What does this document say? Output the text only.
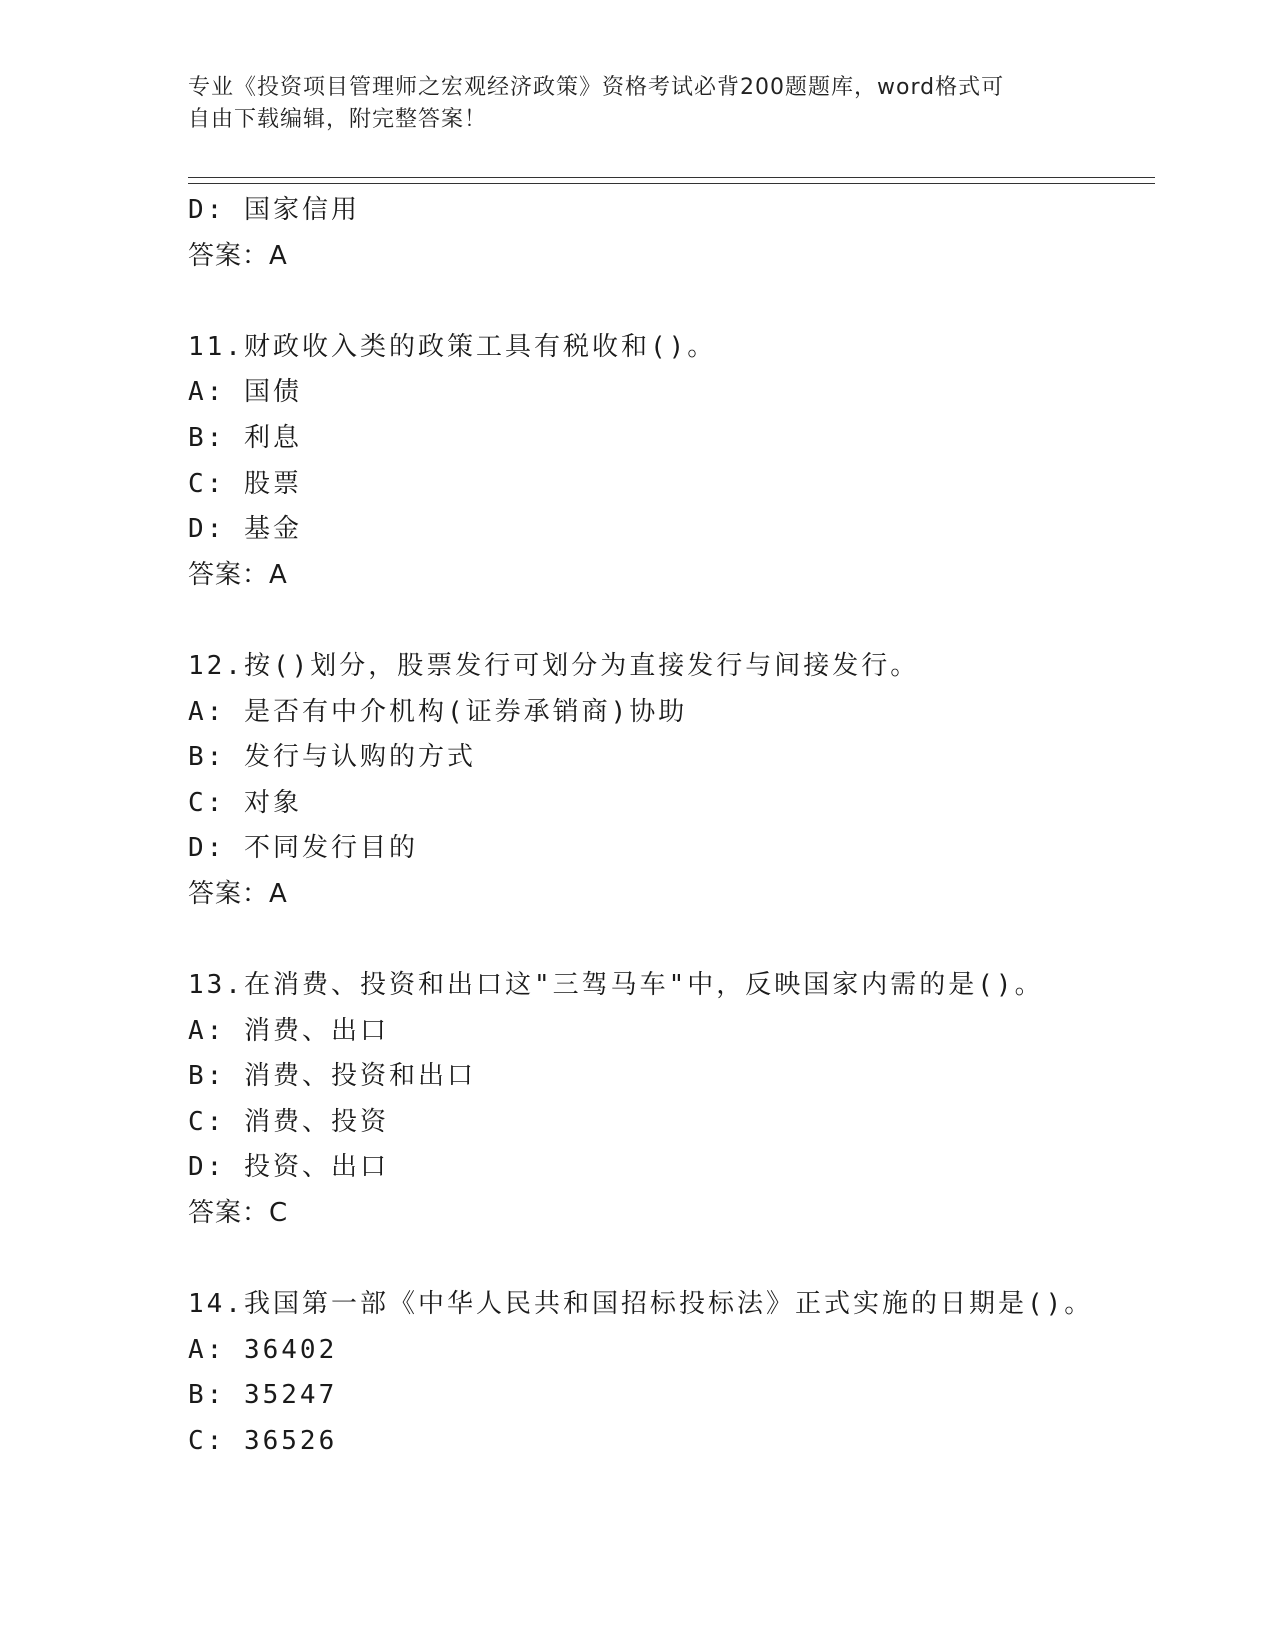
专业《投资项目管理师之宏观经济政策》资格考试必背200题题库，word格式可
自由下载编辑，附完整答案！
D: 国家信用
答案：A
11.财政收入类的政策工具有税收和()。
A: 国债
B: 利息
C: 股票
D: 基金
答案：A
12.按()划分，股票发行可划分为直接发行与间接发行。
A: 是否有中介机构(证券承销商)协助
B: 发行与认购的方式
C: 对象
D: 不同发行目的
答案：A
13.在消费、投资和出口这"三驾马车"中，反映国家内需的是()。
A: 消费、出口
B: 消费、投资和出口
C: 消费、投资
D: 投资、出口
答案：C
14.我国第一部《中华人民共和国招标投标法》正式实施的日期是()。
A: 36402
B: 35247
C: 36526
